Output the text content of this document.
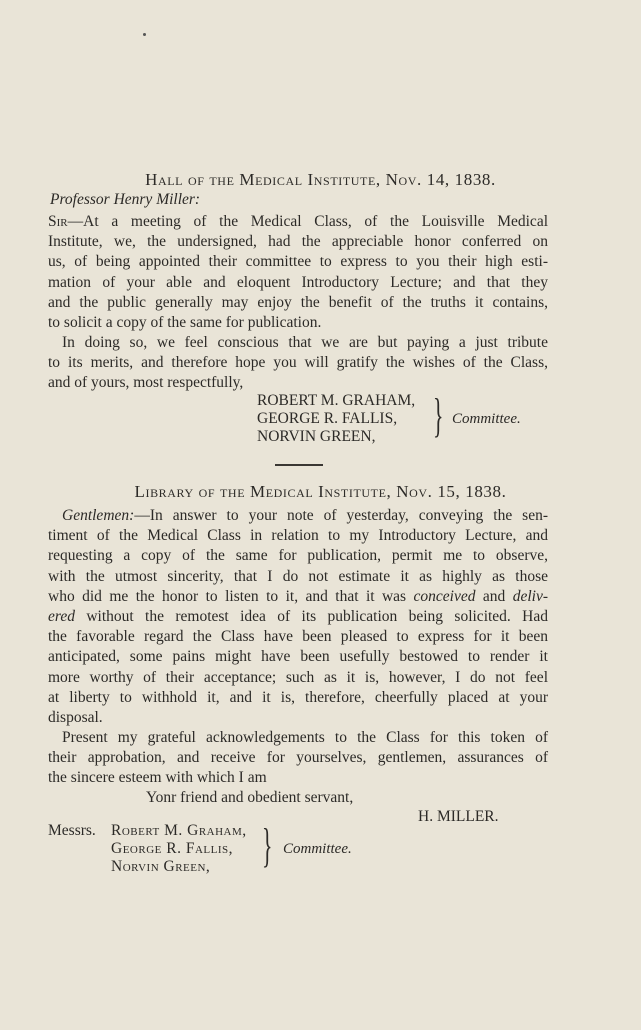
Hall of the Medical Institute, Nov. 14, 1838.
Professor Henry Miller:

Sir—At a meeting of the Medical Class, of the Louisville Medical
Institute, we, the undersigned, had the appreciable honor conferred on
us, of being appointed their committee to express to you their high esti-
mation of your able and eloquent Introductory Lecture; and that they
and the public generally may enjoy the benefit of the truths it contains,
to solicit a copy of the same for publication.

In doing so, we feel conscious that we are but paying a just tribute
to its merits, and therefore hope you will gratify the wishes of the Class,
and of yours, most respectfully,

ROBERT M. GRAHAM,
GEORGE R. FALLIS,
NORVIN GREEN,	} Committee.
Library of the Medical Institute, Nov. 15, 1838.

Gentlemen:—In answer to your note of yesterday, conveying the sen-
timent of the Medical Class in relation to my Introductory Lecture, and
requesting a copy of the same for publication, permit me to observe,
with the utmost sincerity, that I do not estimate it as highly as those
who did me the honor to listen to it, and that it was conceived and deliv-
ered without the remotest idea of its publication being solicited. Had
the favorable regard the Class have been pleased to express for it been
anticipated, some pains might have been usefully bestowed to render it
more worthy of their acceptance; such as it is, however, I do not feel
at liberty to withhold it, and it is, therefore, cheerfully placed at your
disposal.

Present my grateful acknowledgements to the Class for this token of
their approbation, and receive for yourselves, gentlemen, assurances of
the sincere esteem with which I am

Yonr friend and obedient servant,
H. MILLER.
Messrs. Robert M. Graham,
George R. Fallis,
Norvin Green,	} Committee.
